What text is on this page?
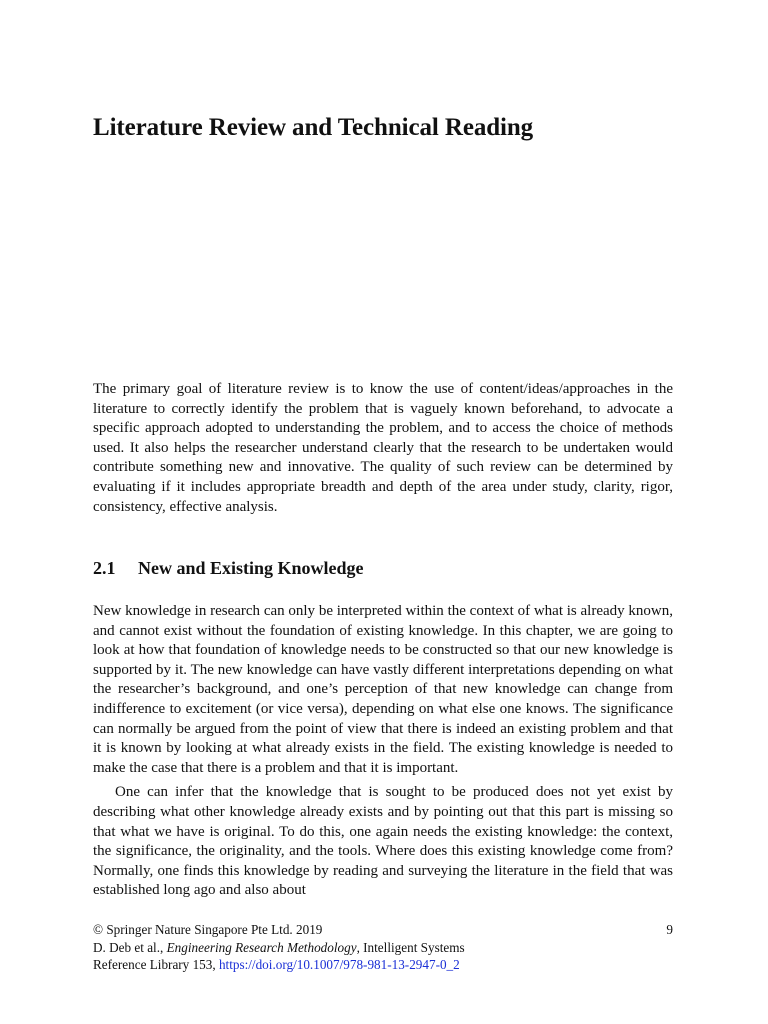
Literature Review and Technical Reading

The primary goal of literature review is to know the use of content/ideas/approaches in the literature to correctly identify the problem that is vaguely known beforehand, to advocate a specific approach adopted to understanding the problem, and to access the choice of methods used. It also helps the researcher understand clearly that the research to be undertaken would contribute something new and innovative. The quality of such review can be determined by evaluating if it includes appropriate breadth and depth of the area under study, clarity, rigor, consistency, effective analysis.

2.1 New and Existing Knowledge

New knowledge in research can only be interpreted within the context of what is already known, and cannot exist without the foundation of existing knowledge. In this chapter, we are going to look at how that foundation of knowledge needs to be constructed so that our new knowledge is supported by it. The new knowledge can have vastly different interpretations depending on what the researcher’s background, and one’s perception of that new knowledge can change from indifference to excitement (or vice versa), depending on what else one knows. The significance can normally be argued from the point of view that there is indeed an existing problem and that it is known by looking at what already exists in the field. The existing knowledge is needed to make the case that there is a problem and that it is important.

One can infer that the knowledge that is sought to be produced does not yet exist by describing what other knowledge already exists and by pointing out that this part is missing so that what we have is original. To do this, one again needs the existing knowledge: the context, the significance, the originality, and the tools. Where does this existing knowledge come from? Normally, one finds this knowledge by reading and surveying the literature in the field that was established long ago and also about

© Springer Nature Singapore Pte Ltd. 2019	9
D. Deb et al., Engineering Research Methodology, Intelligent Systems
Reference Library 153, https://doi.org/10.1007/978-981-13-2947-0_2
